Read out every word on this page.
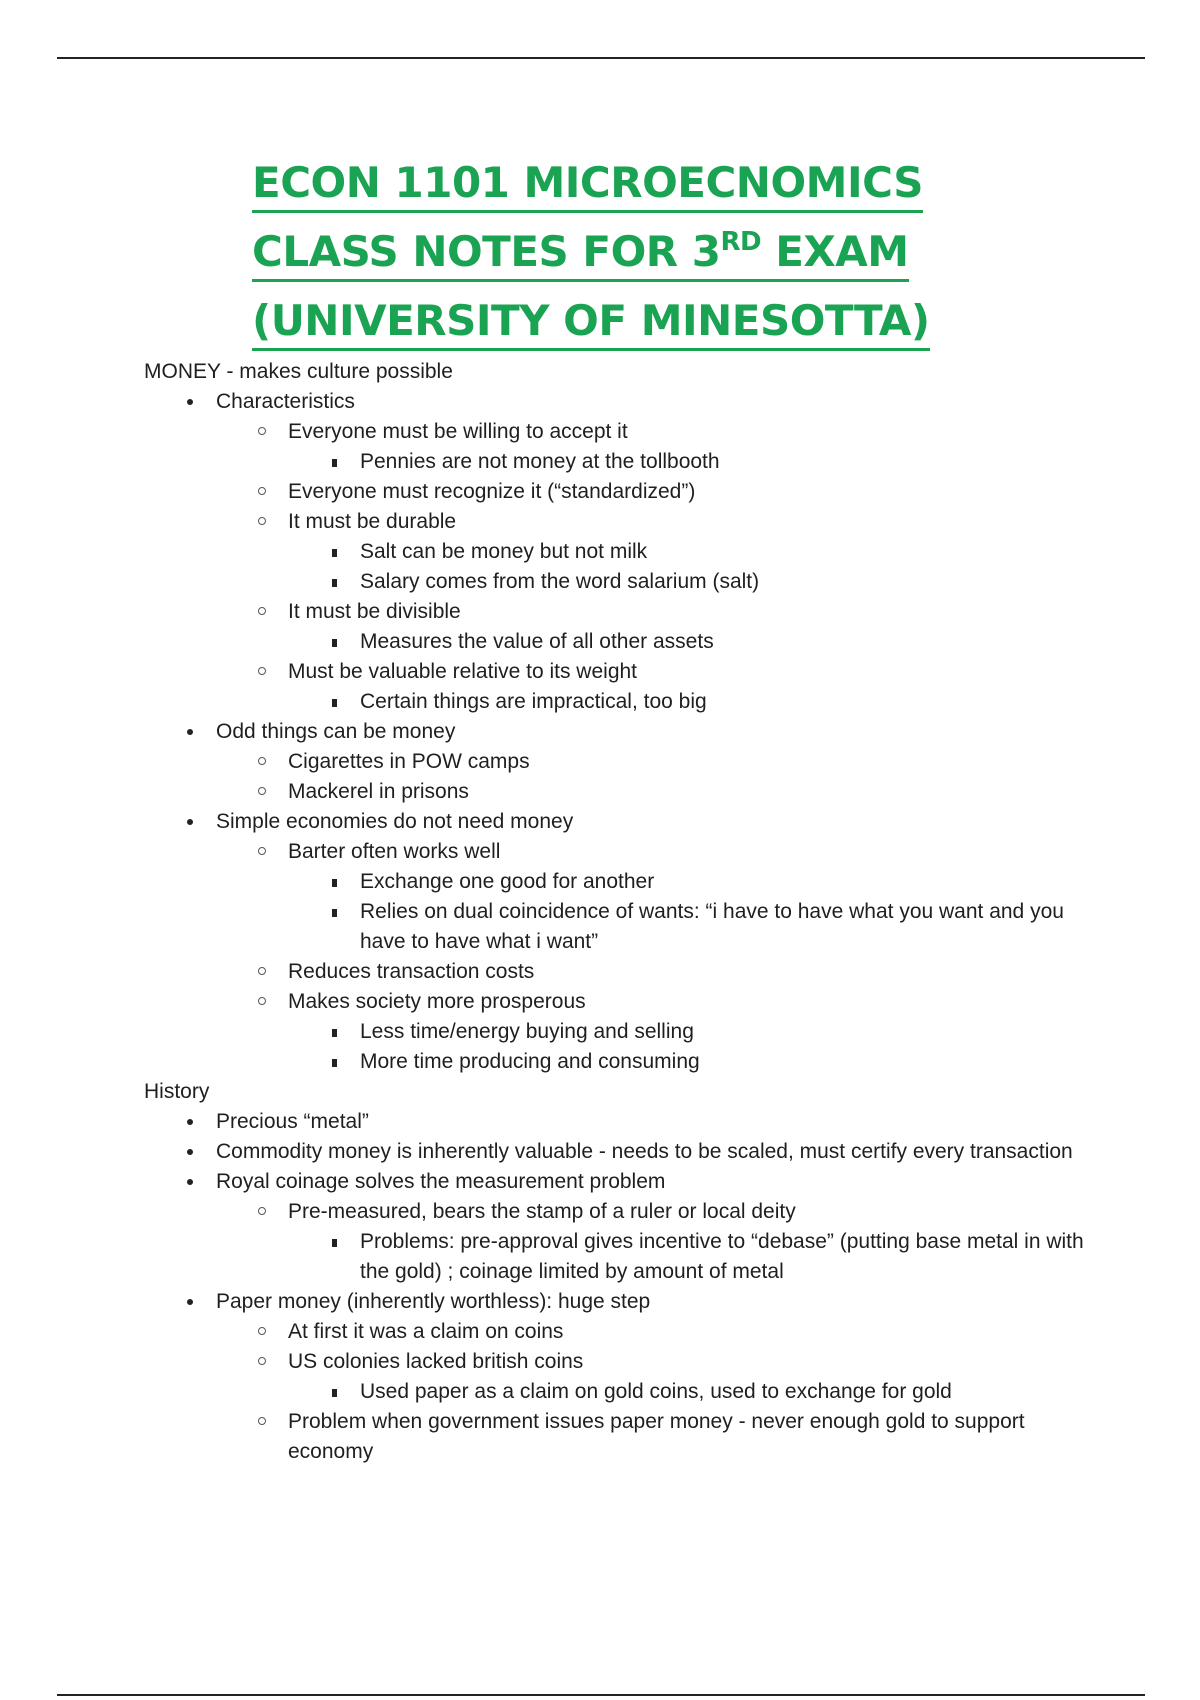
ECON 1101 MICROECNOMICS
CLASS NOTES FOR 3RD EXAM
(UNIVERSITY OF MINESOTTA)

MONEY - makes culture possible

Characteristics
Everyone must be willing to accept it
Pennies are not money at the tollbooth
Everyone must recognize it (“standardized”)
It must be durable
Salt can be money but not milk
Salary comes from the word salarium (salt)
It must be divisible
Measures the value of all other assets
Must be valuable relative to its weight
Certain things are impractical, too big
Odd things can be money
Cigarettes in POW camps
Mackerel in prisons
Simple economies do not need money
Barter often works well
Exchange one good for another
Relies on dual coincidence of wants: “i have to have what you want and you have to have what i want”
Reduces transaction costs
Makes society more prosperous
Less time/energy buying and selling
More time producing and consuming

History

Precious “metal”
Commodity money is inherently valuable - needs to be scaled, must certify every transaction
Royal coinage solves the measurement problem
Pre-measured, bears the stamp of a ruler or local deity
Problems: pre-approval gives incentive to “debase” (putting base metal in with the gold) ; coinage limited by amount of metal
Paper money (inherently worthless): huge step
At first it was a claim on coins
US colonies lacked british coins
Used paper as a claim on gold coins, used to exchange for gold
Problem when government issues paper money - never enough gold to support economy
